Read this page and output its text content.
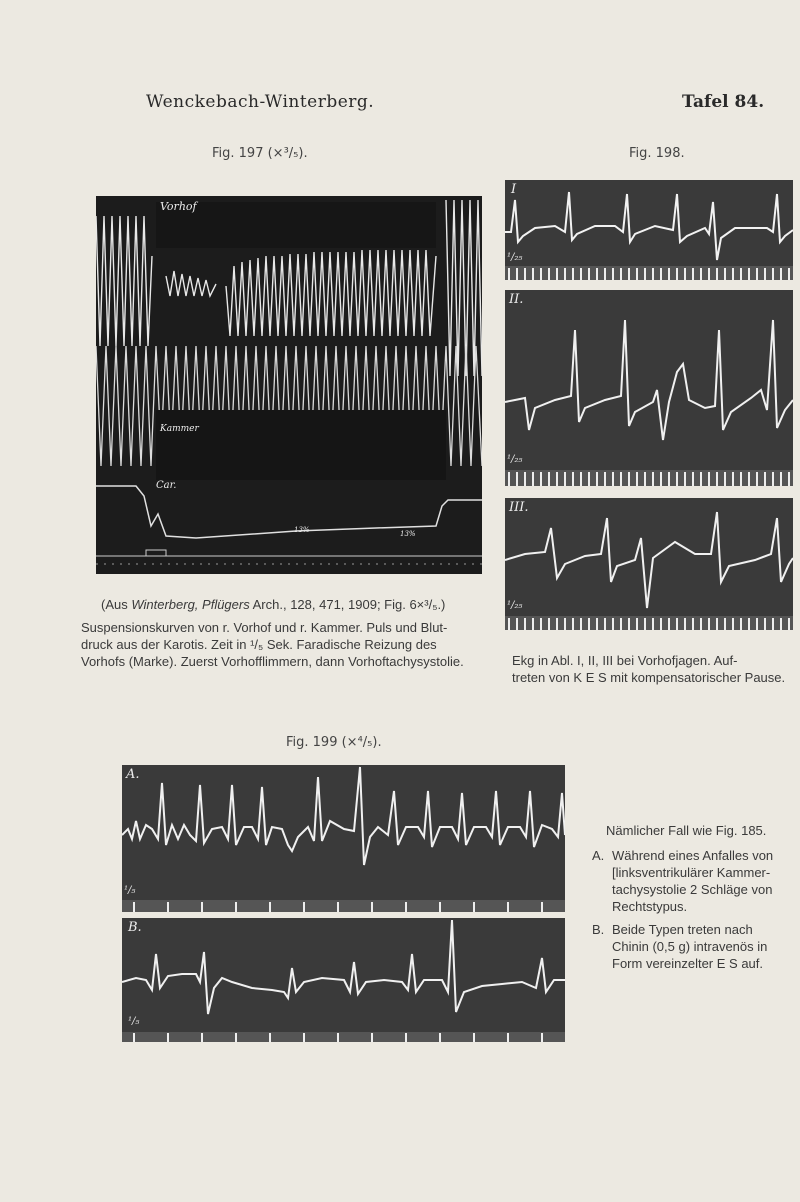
Wenckebach-Winterberg.	Tafel 84.
Fig. 197 (×³/₅).
Vorhof
Kammer
Car.
13%	13%
(Aus Winterberg, Pflügers Arch., 128, 471, 1909; Fig. 6×³/₅.)
Suspensionskurven von r. Vorhof und r. Kammer. Puls und Blut-
druck aus der Karotis. Zeit in ¹/₅ Sek. Faradische Reizung des
Vorhofs (Marke). Zuerst Vorhofflimmern, dann Vorhoftachysystolie.
Fig. 198.
I
¹/₂₅
II.
¹/₂₅
III.
¹/₂₅
Ekg in Abl. I, II, III bei Vorhofjagen. Auf-
treten von K E S mit kompensatorischer Pause.
Fig. 199 (×⁴/₅).
A.
¹/₅
B.
¹/₅
Nämlicher Fall wie Fig. 185.
A. Während eines Anfalles von
[linksventrikulärer Kammer-
tachysystolie 2 Schläge von
Rechtstypus.
B. Beide Typen treten nach
Chinin (0,5 g) intravenös in
Form vereinzelter E S auf.
